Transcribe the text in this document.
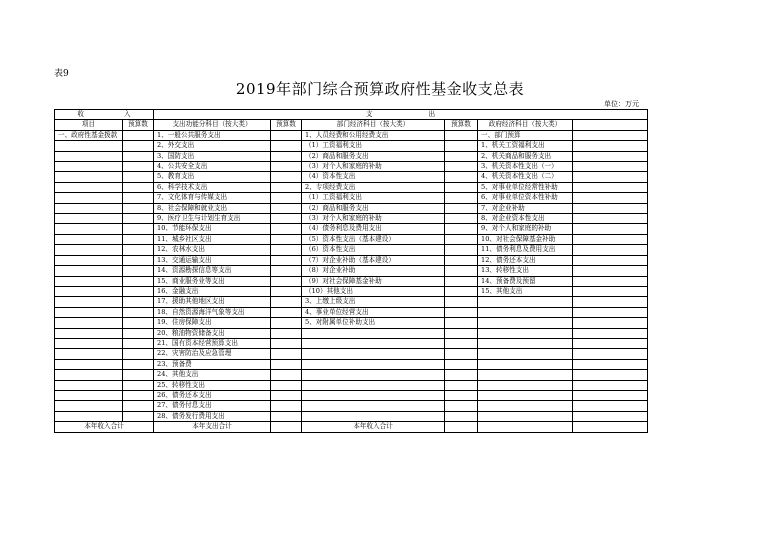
表9
2019年部门综合预算政府性基金收支总表
单位：万元
收 入		支 出					
项目	预算数	支出功能分科目（按大类）	预算数	部门经济科目（按大类）	预算数	政府经济科目（按大类）	
一、政府性基金拨款		1、一般公共服务支出		1、人员经费和公用经费支出		一、部门预算	
		2、外交支出		（1）工资福利支出		1、机关工资福利支出	
		3、国防支出		（2）商品和服务支出		2、机关商品和服务支出	
		4、公共安全支出		（3）对个人和家庭的补助		3、机关资本性支出（一）	
		5、教育支出		（4）资本性支出		4、机关资本性支出（二）	
		6、科学技术支出		2、专项经费支出		5、对事业单位经常性补助	
		7、文化体育与传媒支出		（1）工资福利支出		6、对事业单位资本性补助	
		8、社会保障和就业支出		（2）商品和服务支出		7、对企业补助	
		9、医疗卫生与计划生育支出		（3）对个人和家庭的补助		8、对企业资本性支出	
		10、节能环保支出		（4）债务利息及费用支出		9、对个人和家庭的补助	
		11、城乡社区支出		（5）资本性支出（基本建设）		10、对社会保障基金补助	
		12、农林水支出		（6）资本性支出		11、债务利息及费用支出	
		13、交通运输支出		（7）对企业补助（基本建设）		12、债务还本支出	
		14、资源勘探信息等支出		（8）对企业补助		13、转移性支出	
		15、商业服务业等支出		（9）对社会保障基金补助		14、预备费及预留	
		16、金融支出		（10）其他支出		15、其他支出	
		17、援助其他地区支出		3、上缴上级支出			
		18、自然资源海洋气象等支出		4、事业单位经营支出			
		19、住房保障支出		5、对附属单位补助支出			
		20、粮油物资储备支出					
		21、国有资本经营预算支出					
		22、灾害防治及应急管理					
		23、预备费					
		24、其他支出					
		25、转移性支出					
		26、债务还本支出					
		27、债务付息支出					
		28、债务发行费用支出					
本年收入合计		本年支出合计		本年收入合计			
